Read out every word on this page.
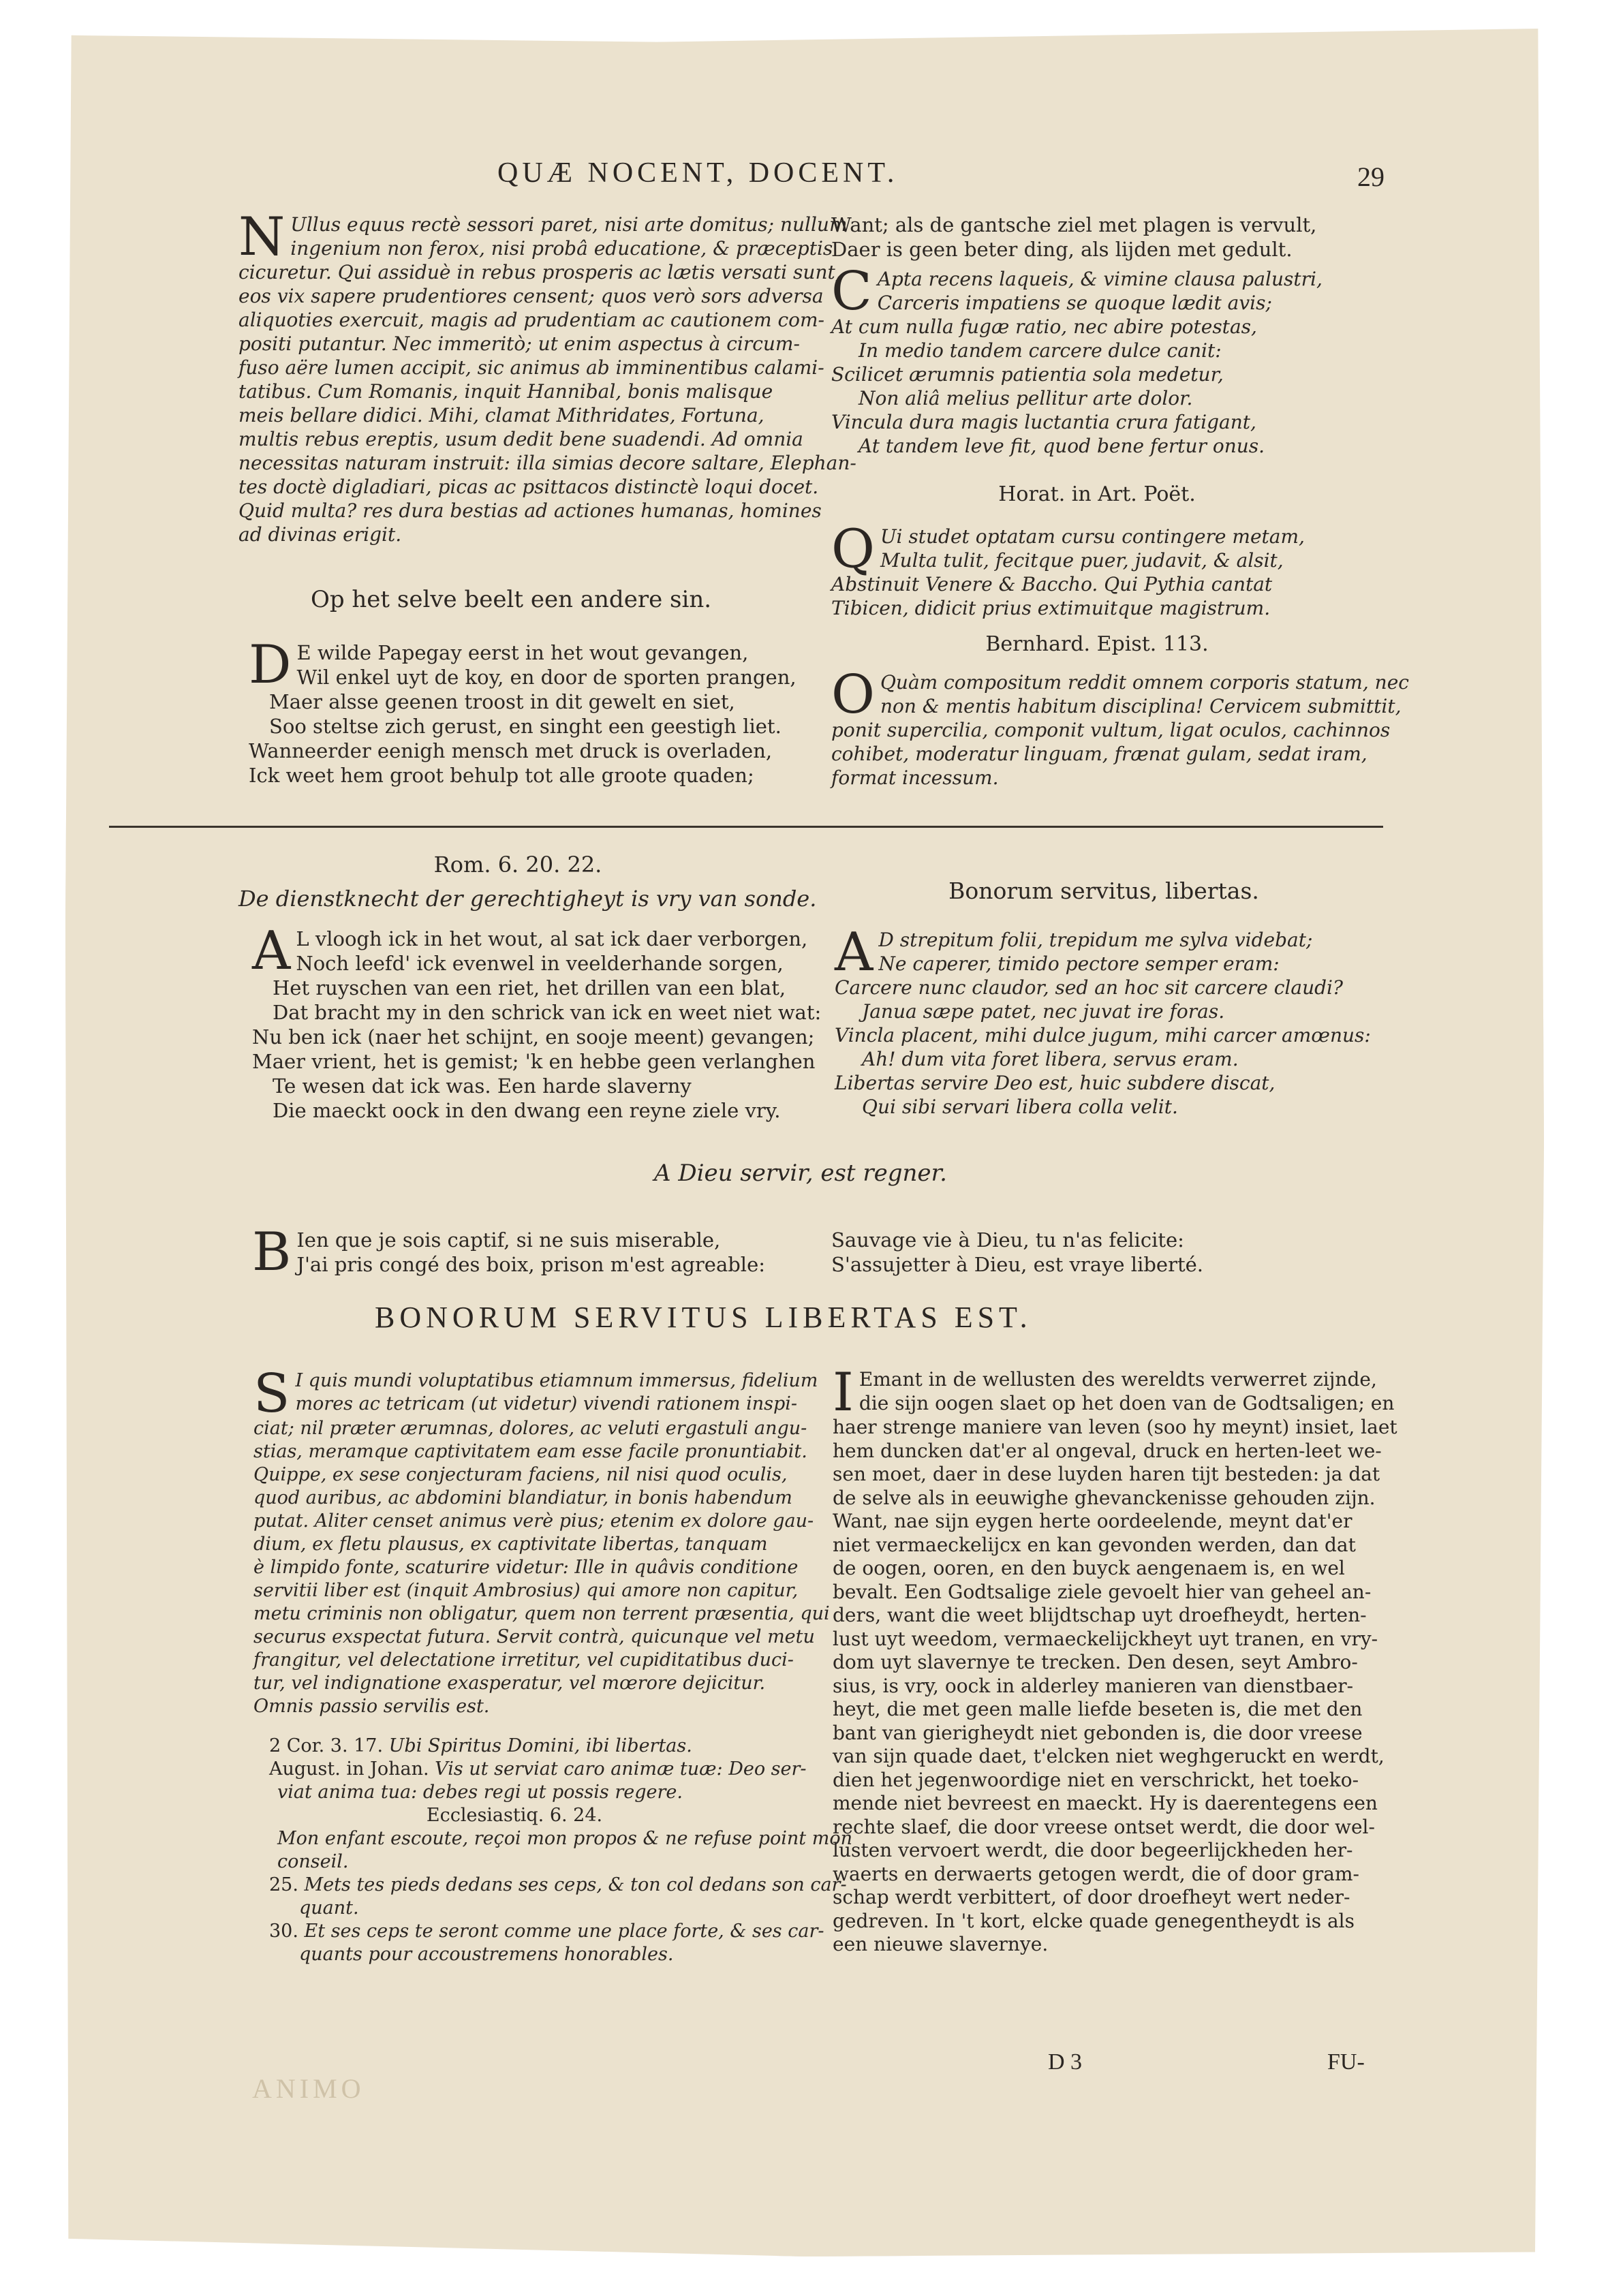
QUÆ NOCENT, DOCENT.	29
N Ullus equus rectè sessori paret, nisi arte domitus; nullum

ingenium non ferox, nisi probâ educatione, & præceptis

cicuretur. Qui assiduè in rebus prosperis ac lætis versati sunt,

eos vix sapere prudentiores censent; quos verò sors adversa

aliquoties exercuit, magis ad prudentiam ac cautionem com-

positi putantur. Nec immeritò; ut enim aspectus à circum-

fuso aëre lumen accipit, sic animus ab imminentibus calami-

tatibus. Cum Romanis, inquit Hannibal, bonis malisque

meis bellare didici. Mihi, clamat Mithridates, Fortuna,

multis rebus ereptis, usum dedit bene suadendi. Ad omnia

necessitas naturam instruit: illa simias decore saltare, Elephan-

tes doctè digladiari, picas ac psittacos distinctè loqui docet.

Quid multa? res dura bestias ad actiones humanas, homines

ad divinas erigit.

Op het selve beelt een andere sin.
D E wilde Papegay eerst in het wout gevangen,

Wil enkel uyt de koy, en door de sporten prangen,

Maer alsse geenen troost in dit gewelt en siet,

Soo steltse zich gerust, en singht een geestigh liet.

Wanneerder eenigh mensch met druck is overladen,

Ick weet hem groot behulp tot alle groote quaden;

Want; als de gantsche ziel met plagen is vervult,

Daer is geen beter ding, als lijden met gedult.

C Apta recens laqueis, & vimine clausa palustri,

Carceris impatiens se quoque lædit avis;

At cum nulla fugæ ratio, nec abire potestas,

In medio tandem carcere dulce canit:

Scilicet ærumnis patientia sola medetur,

Non aliâ melius pellitur arte dolor.

Vincula dura magis luctantia crura fatigant,

At tandem leve fit, quod bene fertur onus.

Horat. in Art. Poët.
Q Ui studet optatam cursu contingere metam,

Multa tulit, fecitque puer, judavit, & alsit,

Abstinuit Venere & Baccho. Qui Pythia cantat

Tibicen, didicit prius extimuitque magistrum.

Bernhard. Epist. 113.
O Quàm compositum reddit omnem corporis statum, nec

non & mentis habitum disciplina! Cervicem submittit,

ponit supercilia, componit vultum, ligat oculos, cachinnos

cohibet, moderatur linguam, frænat gulam, sedat iram,

format incessum.

Rom. 6. 20. 22.
De dienstknecht der gerechtigheyt is vry van sonde.
A L vloogh ick in het wout, al sat ick daer verborgen,

Noch leefd' ick evenwel in veelderhande sorgen,

Het ruyschen van een riet, het drillen van een blat,

Dat bracht my in den schrick van ick en weet niet wat:

Nu ben ick (naer het schijnt, en sooje meent) gevangen;

Maer vrient, het is gemist; 'k en hebbe geen verlanghen

Te wesen dat ick was. Een harde slaverny

Die maeckt oock in den dwang een reyne ziele vry.

Bonorum servitus, libertas.
A D strepitum folii, trepidum me sylva videbat;

Ne caperer, timido pectore semper eram:

Carcere nunc claudor, sed an hoc sit carcere claudi?

Janua sæpe patet, nec juvat ire foras.

Vincla placent, mihi dulce jugum, mihi carcer amœnus:

Ah! dum vita foret libera, servus eram.

Libertas servire Deo est, huic subdere discat,

Qui sibi servari libera colla velit.

A Dieu servir, est regner.
B Ien que je sois captif, si ne suis miserable,

J'ai pris congé des boix, prison m'est agreable:

Sauvage vie à Dieu, tu n'as felicite:

S'assujetter à Dieu, est vraye liberté.

BONORUM SERVITUS LIBERTAS EST.
S I quis mundi voluptatibus etiamnum immersus, fidelium

mores ac tetricam (ut videtur) vivendi rationem inspi-

ciat; nil præter ærumnas, dolores, ac veluti ergastuli angu-

stias, meramque captivitatem eam esse facile pronuntiabit.

Quippe, ex sese conjecturam faciens, nil nisi quod oculis,

quod auribus, ac abdomini blandiatur, in bonis habendum

putat. Aliter censet animus verè pius; etenim ex dolore gau-

dium, ex fletu plausus, ex captivitate libertas, tanquam

è limpido fonte, scaturire videtur: Ille in quâvis conditione

servitii liber est (inquit Ambrosius) qui amore non capitur,

metu criminis non obligatur, quem non terrent præsentia, qui

securus exspectat futura. Servit contrà, quicunque vel metu

frangitur, vel delectatione irretitur, vel cupiditatibus duci-

tur, vel indignatione exasperatur, vel mœrore dejicitur.

Omnis passio servilis est.

2 Cor. 3. 17. Ubi Spiritus Domini, ibi libertas.

August. in Johan. Vis ut serviat caro animæ tuæ: Deo ser-

viat anima tua: debes regi ut possis regere.

Ecclesiastiq. 6. 24.

Mon enfant escoute, reçoi mon propos & ne refuse point mon

conseil.

25. Mets tes pieds dedans ses ceps, & ton col dedans son car-

quant.

30. Et ses ceps te seront comme une place forte, & ses car-

quants pour accoustremens honorables.

I Emant in de wellusten des wereldts verwerret zijnde,

die sijn oogen slaet op het doen van de Godtsaligen; en

haer strenge maniere van leven (soo hy meynt) insiet, laet

hem duncken dat'er al ongeval, druck en herten-leet we-

sen moet, daer in dese luyden haren tijt besteden: ja dat

de selve als in eeuwighe ghevanckenisse gehouden zijn.

Want, nae sijn eygen herte oordeelende, meynt dat'er

niet vermaeckelijcx en kan gevonden werden, dan dat

de oogen, ooren, en den buyck aengenaem is, en wel

bevalt. Een Godtsalige ziele gevoelt hier van geheel an-

ders, want die weet blijdtschap uyt droefheydt, herten-

lust uyt weedom, vermaeckelijckheyt uyt tranen, en vry-

dom uyt slavernye te trecken. Den desen, seyt Ambro-

sius, is vry, oock in alderley manieren van dienstbaer-

heyt, die met geen malle liefde beseten is, die met den

bant van gierigheydt niet gebonden is, die door vreese

van sijn quade daet, t'elcken niet weghgeruckt en werdt,

dien het jegenwoordige niet en verschrickt, het toeko-

mende niet bevreest en maeckt. Hy is daerentegens een

rechte slaef, die door vreese ontset werdt, die door wel-

lusten vervoert werdt, die door begeerlijckheden her-

waerts en derwaerts getogen werdt, die of door gram-

schap werdt verbittert, of door droefheyt wert neder-

gedreven. In 't kort, elcke quade genegentheydt is als

een nieuwe slavernye.

D 3	FU-
ANIMO
